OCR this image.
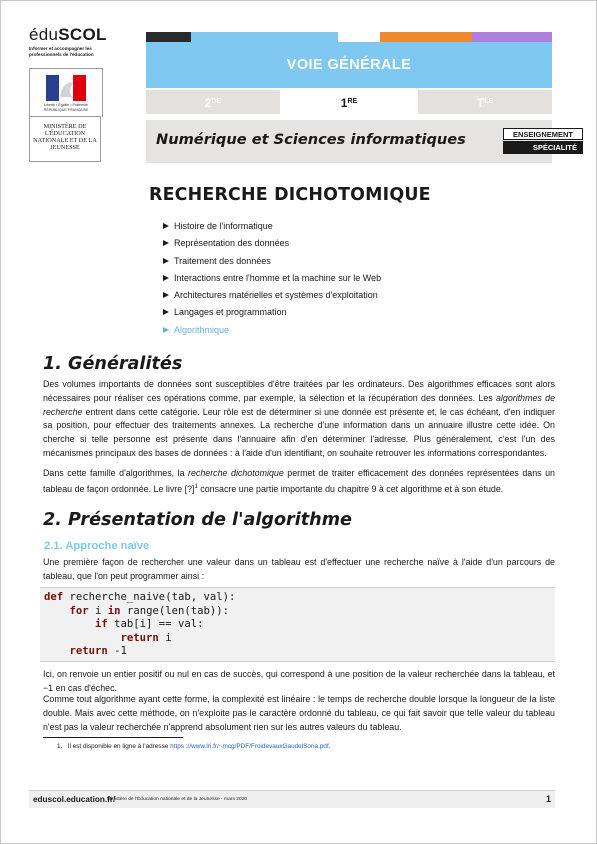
éduSCOL
Informer et accompagner les professionnels de l'éducation
Liberté • Égalité • Fraternité RÉPUBLIQUE FRANÇAISE
MINISTÈRE DE L'ÉDUCATION NATIONALE ET DE LA JEUNESSE
VOIE GÉNÉRALE
2DE	1RE	$T^{LE}$
Numérique et Sciences informatiques	ENSEIGNEMENT
SPÉCIALITÉ
RECHERCHE DICHOTOMIQUE
Histoire de l'informatique
Représentation des données
Traitement des données
Interactions entre l'homme et la machine sur le Web
Architectures matérielles et systèmes d'exploitation
Langages et programmation
Algorithmique
1. Généralités
Des volumes importants de données sont susceptibles d'être traitées par les ordinateurs. Des algorithmes efficaces sont alors nécessaires pour réaliser ces opérations comme, par exemple, la sélection et la récupération des données. Les algorithmes de recherche entrent dans cette catégorie. Leur rôle est de déterminer si une donnée est présente et, le cas échéant, d'en indiquer sa position, pour effectuer des traitements annexes. La recherche d'une information dans un annuaire illustre cette idée. On cherche si telle personne est présente dans l'annuaire afin d'en déterminer l'adresse. Plus généralement, c'est l'un des mécanismes principaux des bases de données : à l'aide d'un identifiant, on souhaite retrouver les informations correspondantes.
Dans cette famille d'algorithmes, la recherche dichotomique permet de traiter efficacement des données représentées dans un tableau de façon ordonnée. Le livre [?]$^1$ consacre une partie importante du chapitre 9 à cet algorithme et à son étude.
2. Présentation de l'algorithme
2.1. Approche naïve
Une première façon de rechercher une valeur dans un tableau est d'effectuer une recherche naïve à l'aide d'un parcours de tableau, que l'on peut programmer ainsi :
def recherche_naive(tab, val):
for i in range(len(tab)):
if tab[i] == val:
return i
return -1
Ici, on renvoie un entier positif ou nul en cas de succès, qui correspond à une position de la valeur recherchée dans la tableau, et −1 en cas d'échec.
Comme tout algorithme ayant cette forme, la complexité est linéaire : le temps de recherche double lorsque la longueur de la liste double. Mais avec cette méthode, on n'exploite pas le caractère ordonné du tableau, ce qui fait savoir que telle valeur du tableau n'est pas la valeur recherchée n'apprend absolument rien sur les autres valeurs du tableau.
1. Il est disponible en ligne à l'adresse https ://www.lri.fr/~mcg/PDF/FroidevauxGaudelSoria.pdf.
eduscol.education.fr/
Ministère de l'Éducation nationale et de la Jeunesse - mars 2020	1
